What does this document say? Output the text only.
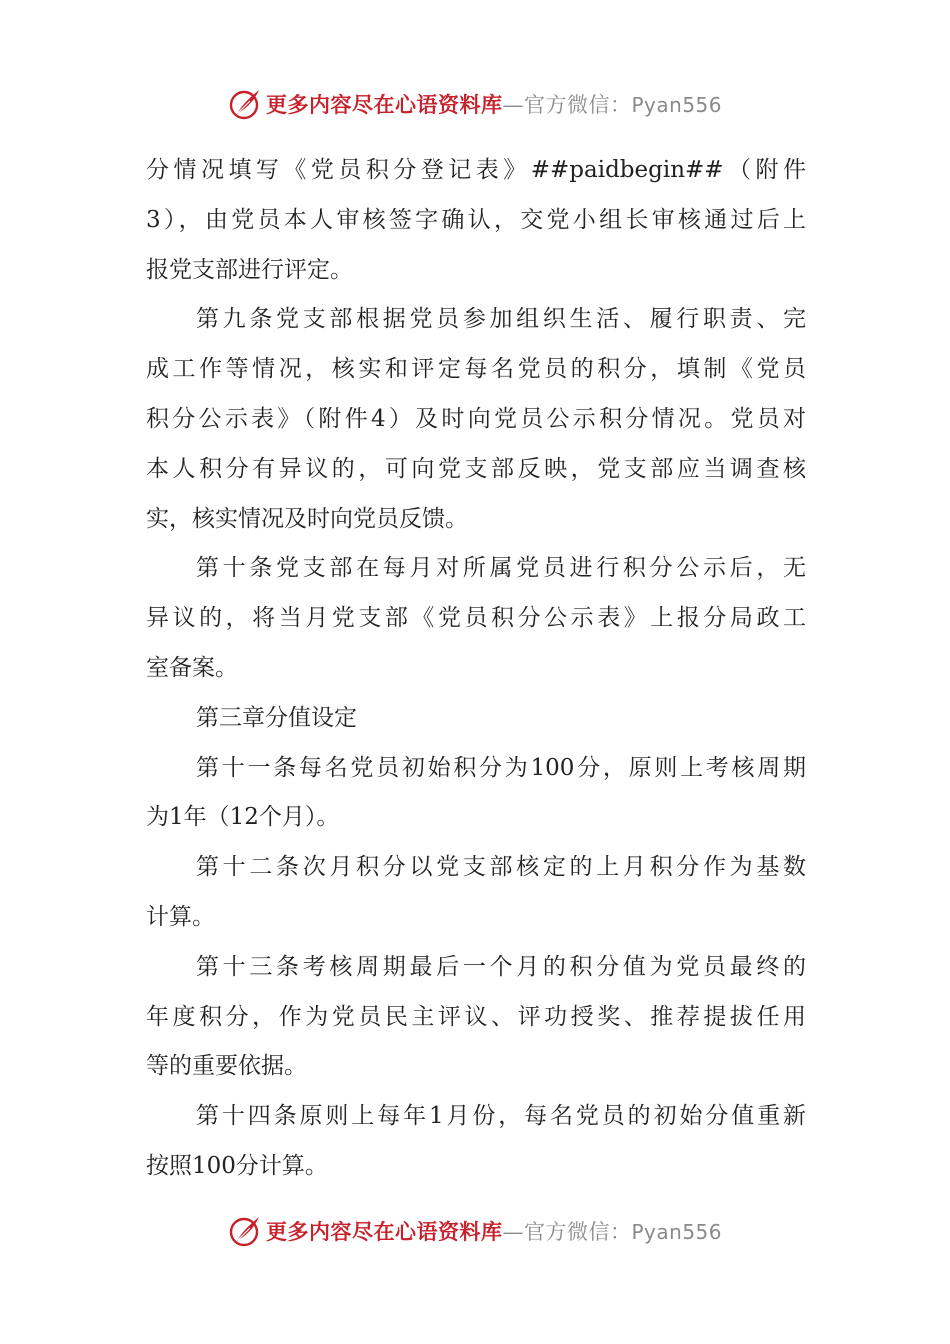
更多内容尽在心语资料库—官方微信：Pyan556
分情况填写《党员积分登记表》##paidbegin##（附件
3），由党员本人审核签字确认，交党小组长审核通过后上
报党支部进行评定。
第九条党支部根据党员参加组织生活、履行职责、完
成工作等情况，核实和评定每名党员的积分，填制《党员
积分公示表》（附件4）及时向党员公示积分情况。党员对
本人积分有异议的，可向党支部反映，党支部应当调查核
实，核实情况及时向党员反馈。
第十条党支部在每月对所属党员进行积分公示后，无
异议的，将当月党支部《党员积分公示表》上报分局政工
室备案。
第三章分值设定
第十一条每名党员初始积分为100分，原则上考核周期
为1年（12个月）。
第十二条次月积分以党支部核定的上月积分作为基数
计算。
第十三条考核周期最后一个月的积分值为党员最终的
年度积分，作为党员民主评议、评功授奖、推荐提拔任用
等的重要依据。
第十四条原则上每年1月份，每名党员的初始分值重新
按照100分计算。
更多内容尽在心语资料库—官方微信：Pyan556
